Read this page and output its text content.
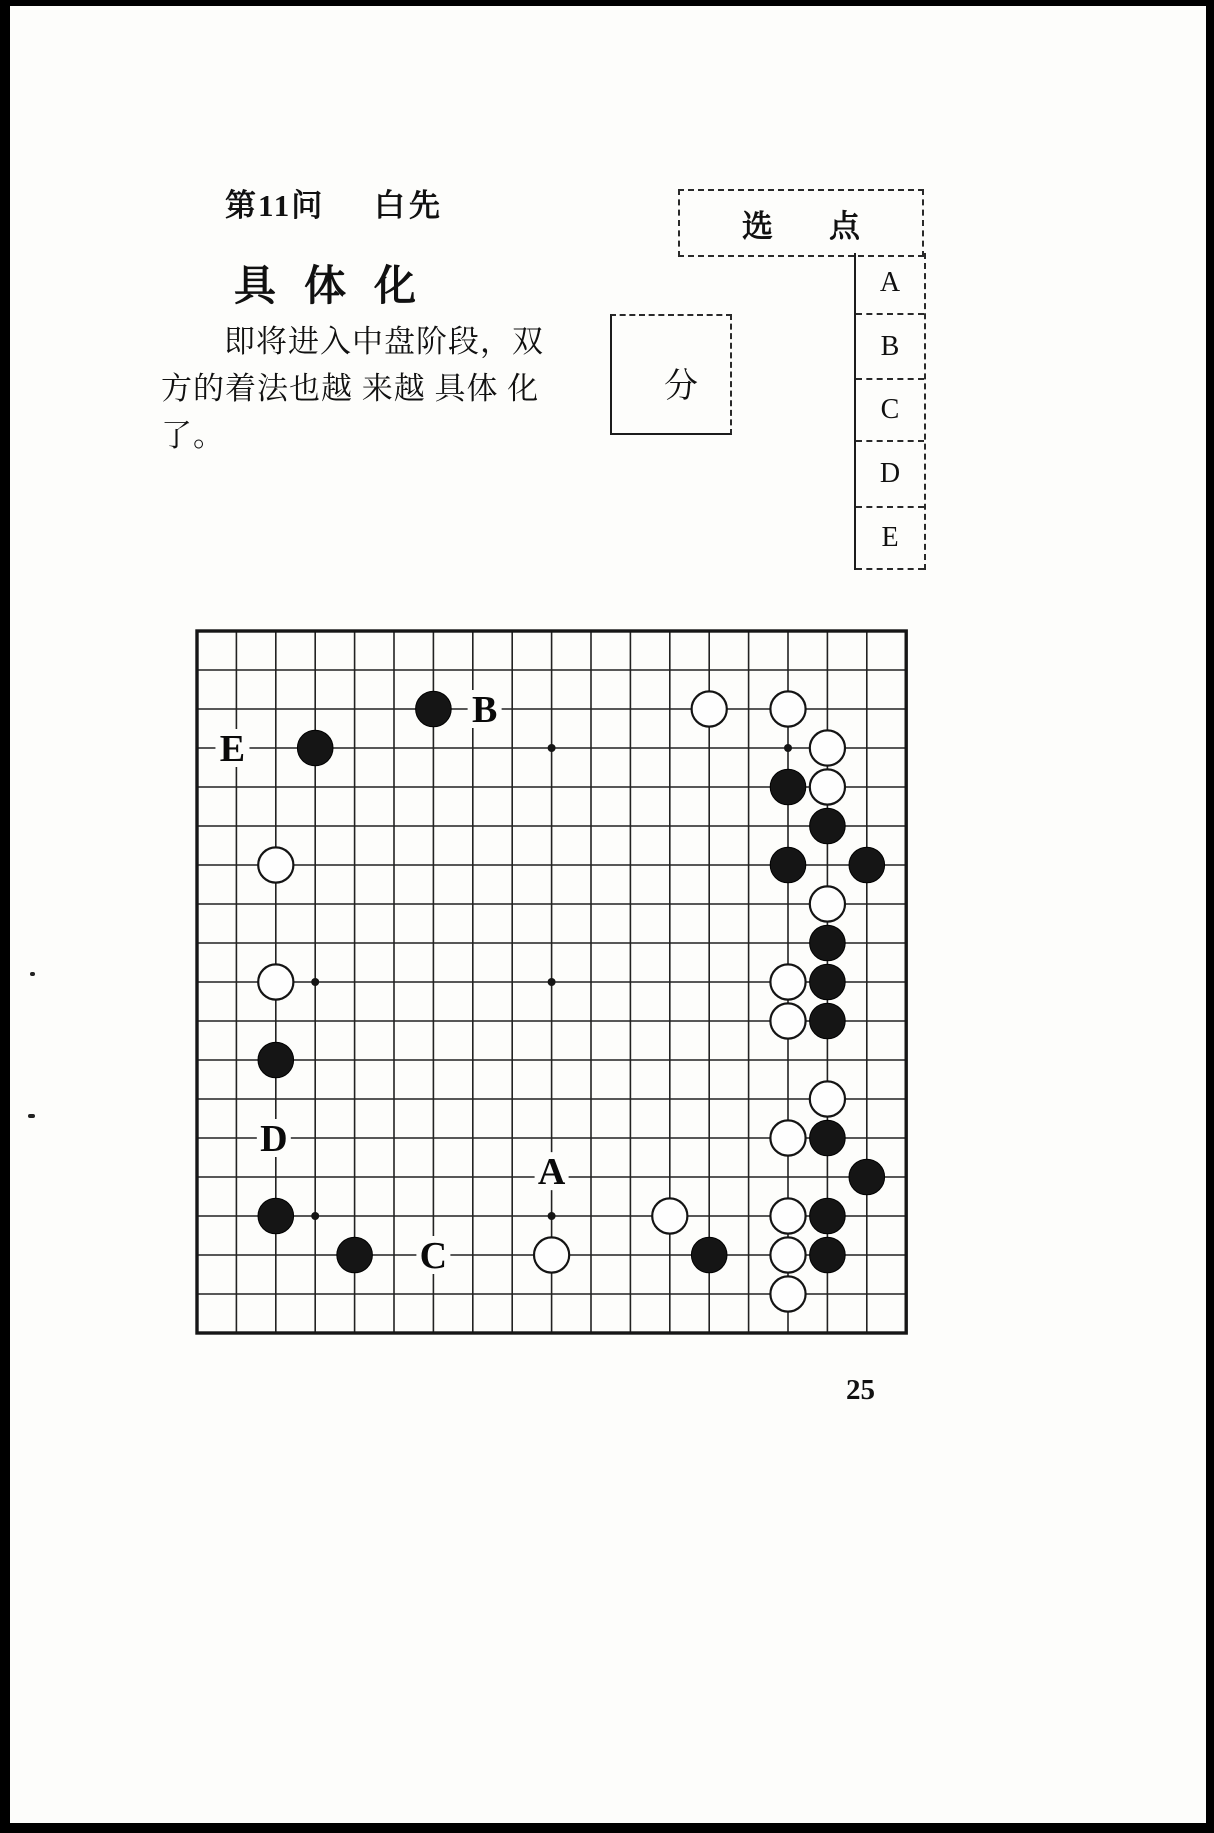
第11问 白先
具体化
即将进入中盘阶段，双
方的着法也越 来越 具体 化
了。
选 点
分
A
B
C
D
E
A
B
C
D
E
25
